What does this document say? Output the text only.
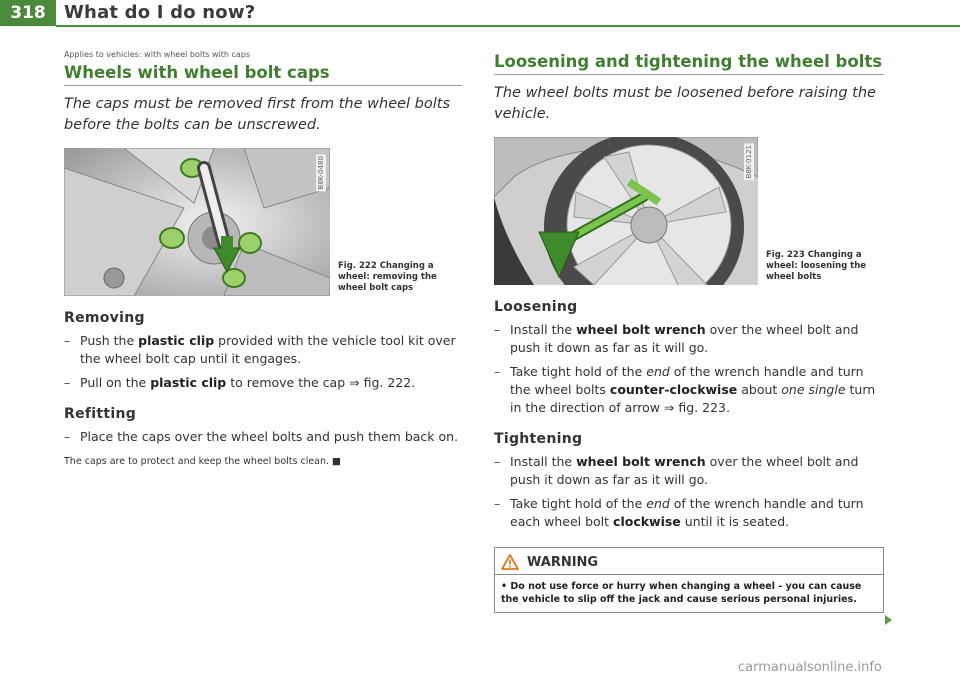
318	What do I do now?
Applies to vehicles: with wheel bolts with caps
Wheels with wheel bolt caps

The caps must be removed first from the wheel bolts before the bolts can be unscrewed.

B8K-0480
Fig. 222 Changing a wheel: removing the wheel bolt caps
Removing
– Push the plastic clip provided with the vehicle tool kit over the wheel bolt cap until it engages.
– Pull on the plastic clip to remove the cap ⇒ fig. 222.
Refitting
– Place the caps over the wheel bolts and push them back on.
The caps are to protect and keep the wheel bolts clean. ■
Loosening and tightening the wheel bolts

The wheel bolts must be loosened before raising the vehicle.

B8K-0121
Fig. 223 Changing a wheel: loosening the wheel bolts
Loosening
– Install the wheel bolt wrench over the wheel bolt and push it down as far as it will go.
– Take tight hold of the end of the wrench handle and turn the wheel bolts counter-clockwise about one single turn in the direction of arrow ⇒ fig. 223.
Tightening
– Install the wheel bolt wrench over the wheel bolt and push it down as far as it will go.
– Take tight hold of the end of the wrench handle and turn each wheel bolt clockwise until it is seated.
WARNING
• Do not use force or hurry when changing a wheel - you can cause the vehicle to slip off the jack and cause serious personal injuries.
carmanualsonline.info
